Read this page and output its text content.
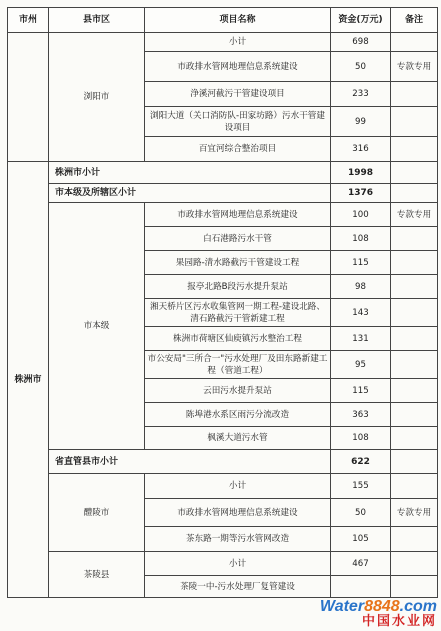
市州	县市区	项目名称	资金(万元)	备注
	浏阳市	小计	698	
		市政排水管网地理信息系统建设	50	专款专用
		浄溪河截污干管建设项目	233	
		浏阳大道（关口消防队-田家坊路）污水干管建设项目	99	
		百宜河综合整治项目	316	
株洲市	株洲市小计		1998	
	市本级及所辖区小计		1376	
	市本级	市政排水管网地理信息系统建设	100	专款专用
		白石港路污水干管	108	
		果园路-清水路截污干管建设工程	115	
		报亭北路B段污水提升泵站	98	
		湘天桥片区污水收集管网一期工程-建设北路、清石路截污干管新建工程	143	
		株洲市荷塘区仙庾镇污水整治工程	131	
		市公安局"三所合一"污水处理厂及田东路新建工程（管道工程）	95	
		云田污水提升泵站	115	
		陈埠港水系区雨污分流改造	363	
		枫溪大道污水管	108	
	省直管县市小计		622	
	醴陵市	小计	155	
		市政排水管网地理信息系统建设	50	专款专用
		茶东路一期等污水管网改造	105	
	茶陵县	小计	467	
		茶陵一中-污水处理厂复管建设		
Water8848.com
中国水业网
